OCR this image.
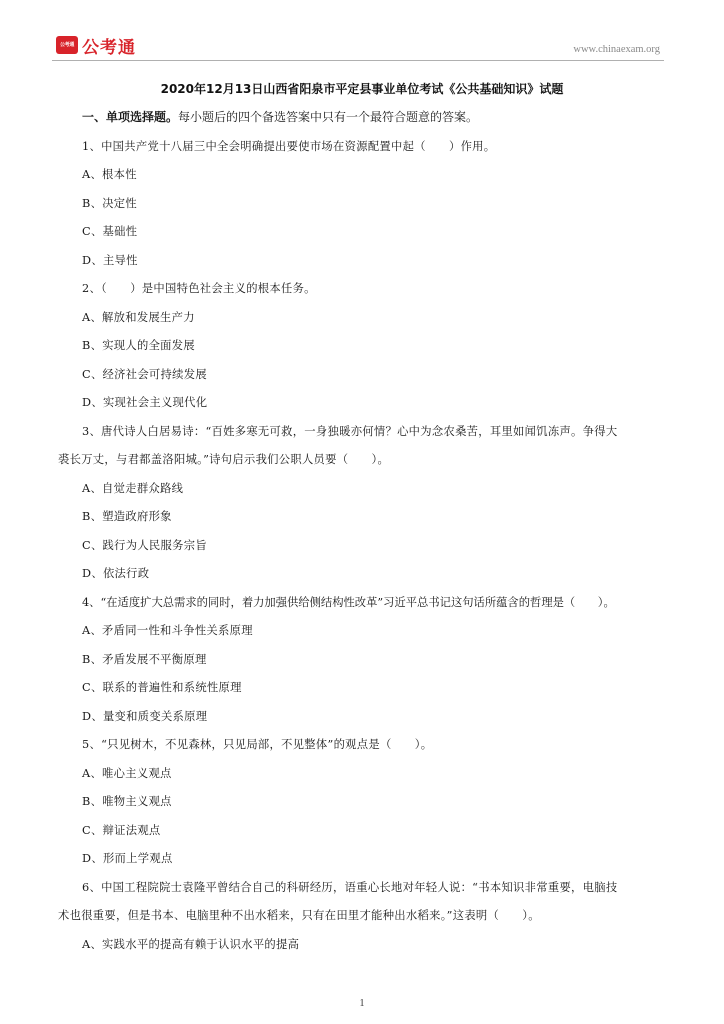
公考通 公考通	www.chinaexam.org
2020年12月13日山西省阳泉市平定县事业单位考试《公共基础知识》试题
一、单项选择题。每小题后的四个备选答案中只有一个最符合题意的答案。
1、中国共产党十八届三中全会明确提出要使市场在资源配置中起（　　）作用。
A、根本性
B、决定性
C、基础性
D、主导性
2、（　　）是中国特色社会主义的根本任务。
A、解放和发展生产力
B、实现人的全面发展
C、经济社会可持续发展
D、实现社会主义现代化
3、唐代诗人白居易诗：“百姓多寒无可救，一身独暖亦何情？心中为念农桑苦，耳里如闻饥冻声。争得大
裘长万丈，与君都盖洛阳城。”诗句启示我们公职人员要（　　）。
A、自觉走群众路线
B、塑造政府形象
C、践行为人民服务宗旨
D、依法行政
4、“在适度扩大总需求的同时，着力加强供给侧结构性改革”习近平总书记这句话所蕴含的哲理是（　　）。
A、矛盾同一性和斗争性关系原理
B、矛盾发展不平衡原理
C、联系的普遍性和系统性原理
D、量变和质变关系原理
5、“只见树木，不见森林，只见局部，不见整体”的观点是（　　）。
A、唯心主义观点
B、唯物主义观点
C、辩证法观点
D、形而上学观点
6、中国工程院院士袁隆平曾结合自己的科研经历，语重心长地对年轻人说：“书本知识非常重要，电脑技
术也很重要，但是书本、电脑里种不出水稻来，只有在田里才能种出水稻来。”这表明（　　）。
A、实践水平的提高有赖于认识水平的提高
1
